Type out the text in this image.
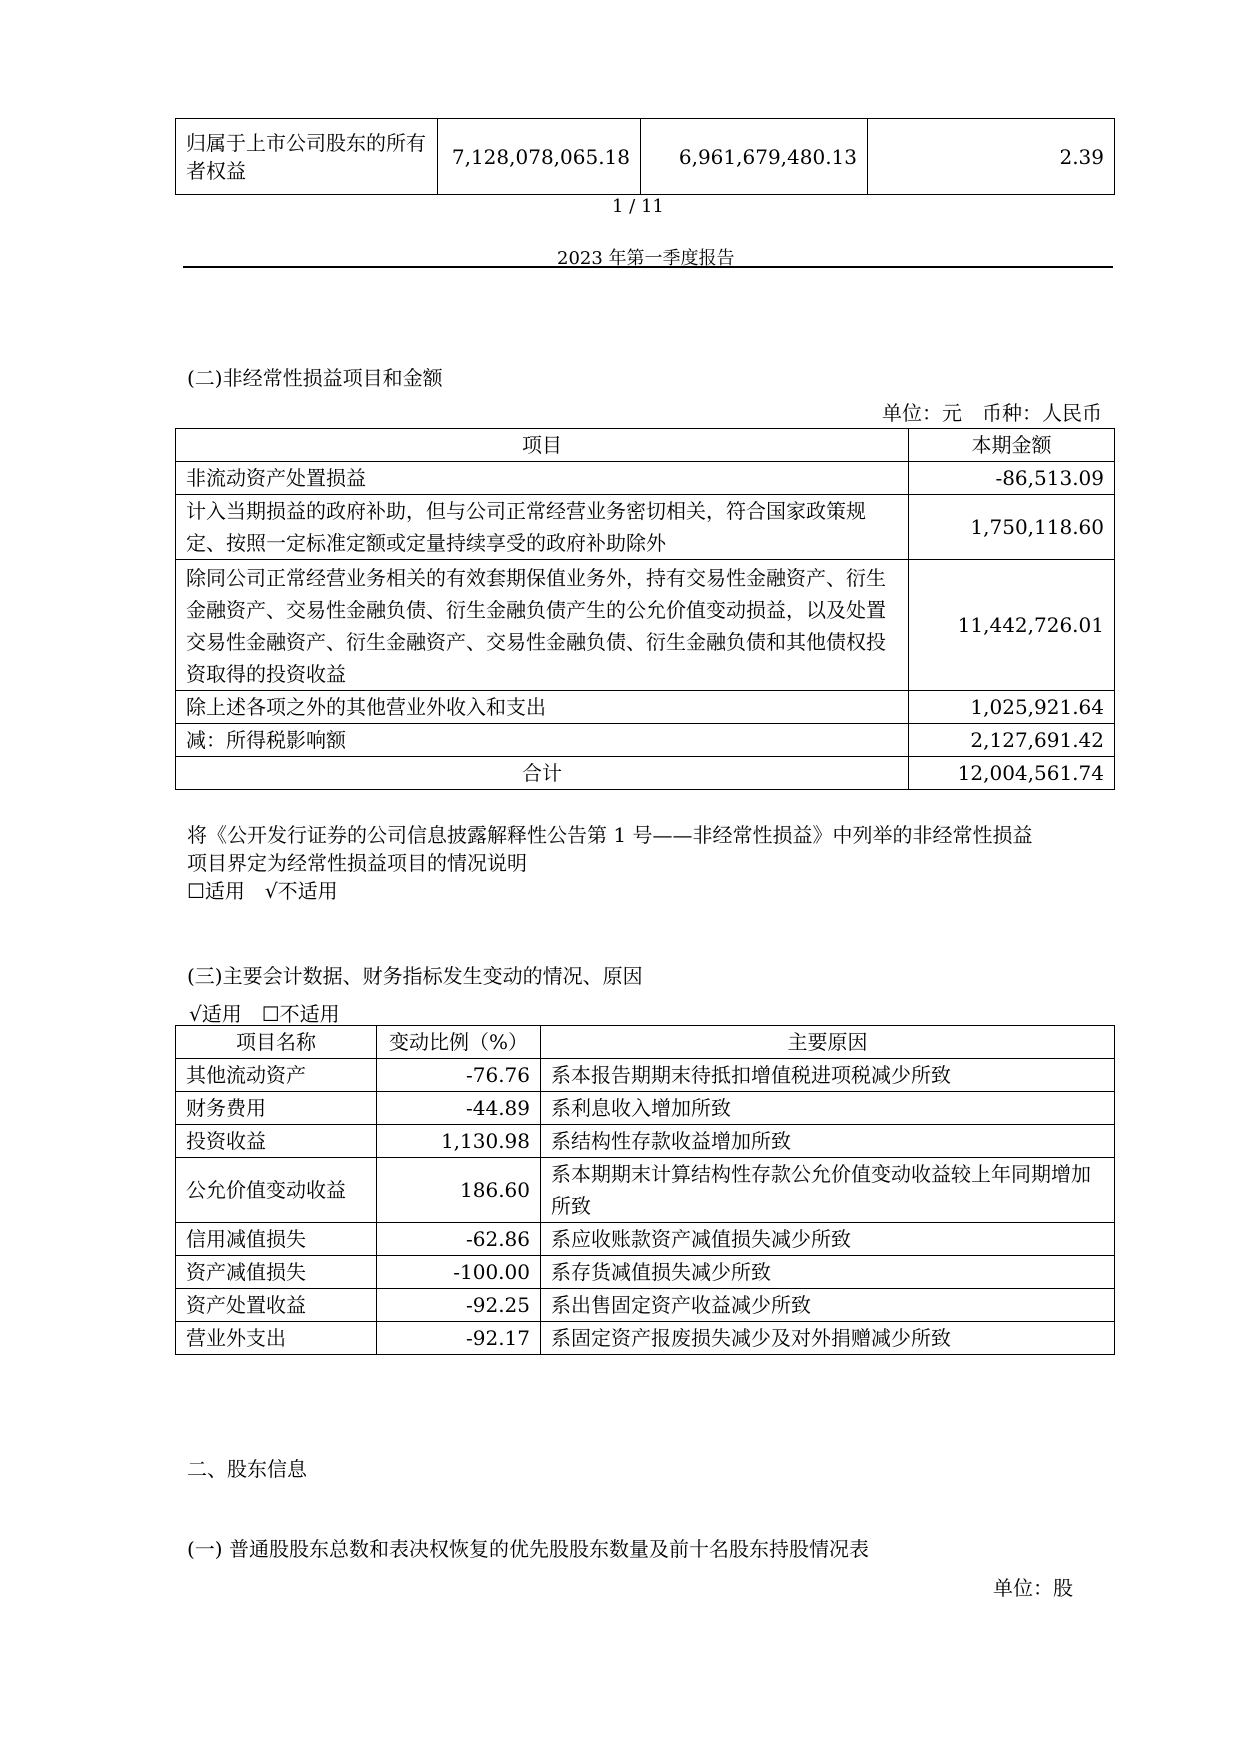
归属于上市公司股东的所有者权益	7,128,078,065.18	6,961,679,480.13	2.39
1 / 11
2023 年第一季度报告
(二)非经常性损益项目和金额
单位：元　币种：人民币
项目	本期金额
非流动资产处置损益	-86,513.09
计入当期损益的政府补助，但与公司正常经营业务密切相关，符合国家政策规定、按照一定标准定额或定量持续享受的政府补助除外	1,750,118.60
除同公司正常经营业务相关的有效套期保值业务外，持有交易性金融资产、衍生金融资产、交易性金融负债、衍生金融负债产生的公允价值变动损益，以及处置交易性金融资产、衍生金融资产、交易性金融负债、衍生金融负债和其他债权投资取得的投资收益	11,442,726.01
除上述各项之外的其他营业外收入和支出	1,025,921.64
减：所得税影响额	2,127,691.42
合计	12,004,561.74
将《公开发行证券的公司信息披露解释性公告第 1 号——非经常性损益》中列举的非经常性损益
项目界定为经常性损益项目的情况说明
☐适用　√不适用
(三)主要会计数据、财务指标发生变动的情况、原因
√适用　☐不适用
项目名称	变动比例（%）	主要原因
其他流动资产	-76.76	系本报告期期末待抵扣增值税进项税减少所致
财务费用	-44.89	系利息收入增加所致
投资收益	1,130.98	系结构性存款收益增加所致
公允价值变动收益	186.60	系本期期末计算结构性存款公允价值变动收益较上年同期增加所致
信用减值损失	-62.86	系应收账款资产减值损失减少所致
资产减值损失	-100.00	系存货减值损失减少所致
资产处置收益	-92.25	系出售固定资产收益减少所致
营业外支出	-92.17	系固定资产报废损失减少及对外捐赠减少所致
二、股东信息
(一) 普通股股东总数和表决权恢复的优先股股东数量及前十名股东持股情况表
单位：股
